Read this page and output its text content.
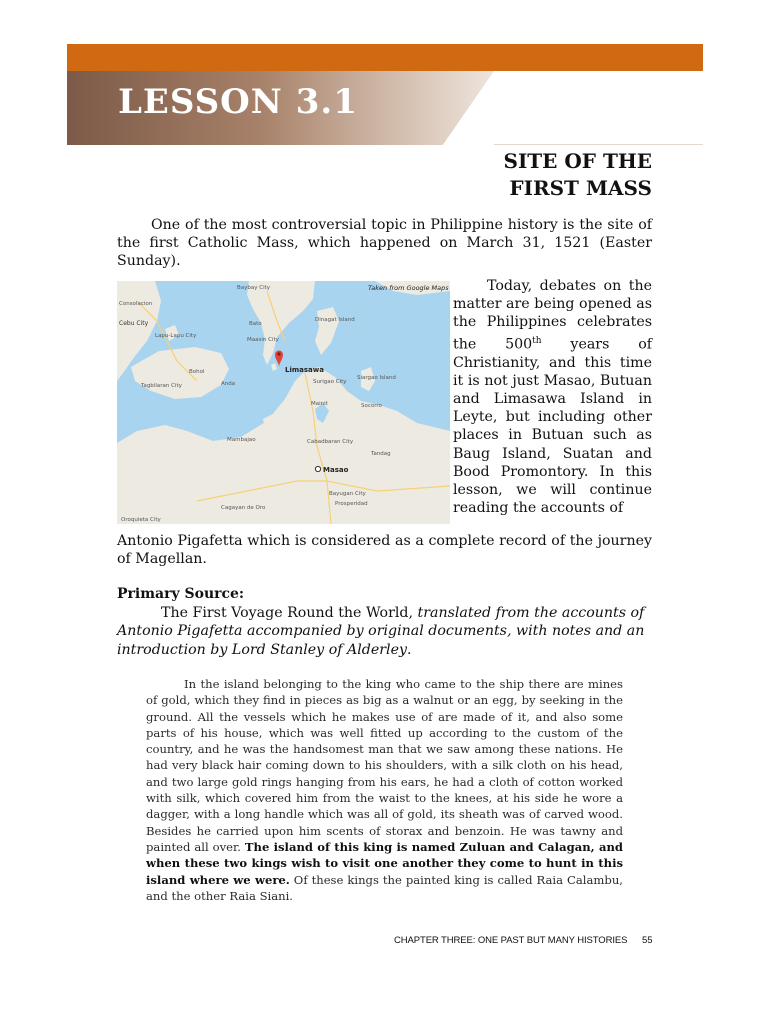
LESSON 3.1
SITE OF THE FIRST MASS

One of the most controversial topic in Philippine history is the site of the first Catholic Mass, which happened on March 31, 1521 (Easter Sunday).

Consolacion
Cebu City
Lapu-Lapu City
Bohol
Tagbilaran City	Anda
Baybay City
Bato
Maasin City
Dinagat Island
Surigao City
Siargao Island
Socorro
Mainit
Cabadbaran City
Tandag
Mambajao
Bayugan City
Prosperidad
Cagayan de Oro
Oroquieta City
Limasawa
Masao
Taken from Google Maps	Today, debates on the matter are being opened as the Philippines celebrates the 500th years of Christianity, and this time it is not just Masao, Butuan and Limasawa Island in Leyte, but including other places in Butuan such as Baug Island, Suatan and Bood Promontory. In this lesson, we will continue reading the accounts of

Antonio Pigafetta which is considered as a complete record of the journey of Magellan.

Primary Source:

The First Voyage Round the World, translated from the accounts of Antonio Pigafetta accompanied by original documents, with notes and an introduction by Lord Stanley of Alderley.

In the island belonging to the king who came to the ship there are mines of gold, which they find in pieces as big as a walnut or an egg, by seeking in the ground. All the vessels which he makes use of are made of it, and also some parts of his house, which was well fitted up according to the custom of the country, and he was the handsomest man that we saw among these nations. He had very black hair coming down to his shoulders, with a silk cloth on his head, and two large gold rings hanging from his ears, he had a cloth of cotton worked with silk, which covered him from the waist to the knees, at his side he wore a dagger, with a long handle which was all of gold, its sheath was of carved wood. Besides he carried upon him scents of storax and benzoin. He was tawny and painted all over. The island of this king is named Zuluan and Calagan, and when these two kings wish to visit one another they come to hunt in this island where we were. Of these kings the painted king is called Raia Calambu, and the other Raia Siani.

CHAPTER THREE: ONE PAST BUT MANY HISTORIES 55
